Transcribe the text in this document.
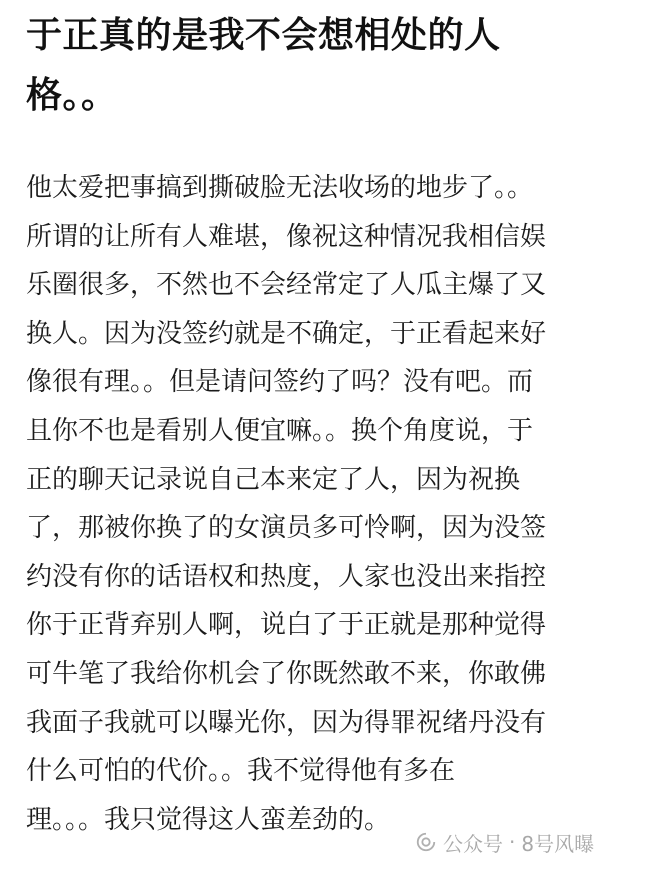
于正真的是我不会想相处的人
格。。
他太爱把事搞到撕破脸无法收场的地步了。。
所谓的让所有人难堪，像祝这种情况我相信娱
乐圈很多，不然也不会经常定了人瓜主爆了又
换人。因为没签约就是不确定，于正看起来好
像很有理。。但是请问签约了吗？没有吧。而
且你不也是看别人便宜嘛。。换个角度说，于
正的聊天记录说自己本来定了人，因为祝换
了，那被你换了的女演员多可怜啊，因为没签
约没有你的话语权和热度，人家也没出来指控
你于正背弃别人啊，说白了于正就是那种觉得
可牛笔了我给你机会了你既然敢不来，你敢佛
我面子我就可以曝光你，因为得罪祝绪丹没有
什么可怕的代价。。我不觉得他有多在
理。。。我只觉得这人蛮差劲的。
公众号 · 8号风曝
